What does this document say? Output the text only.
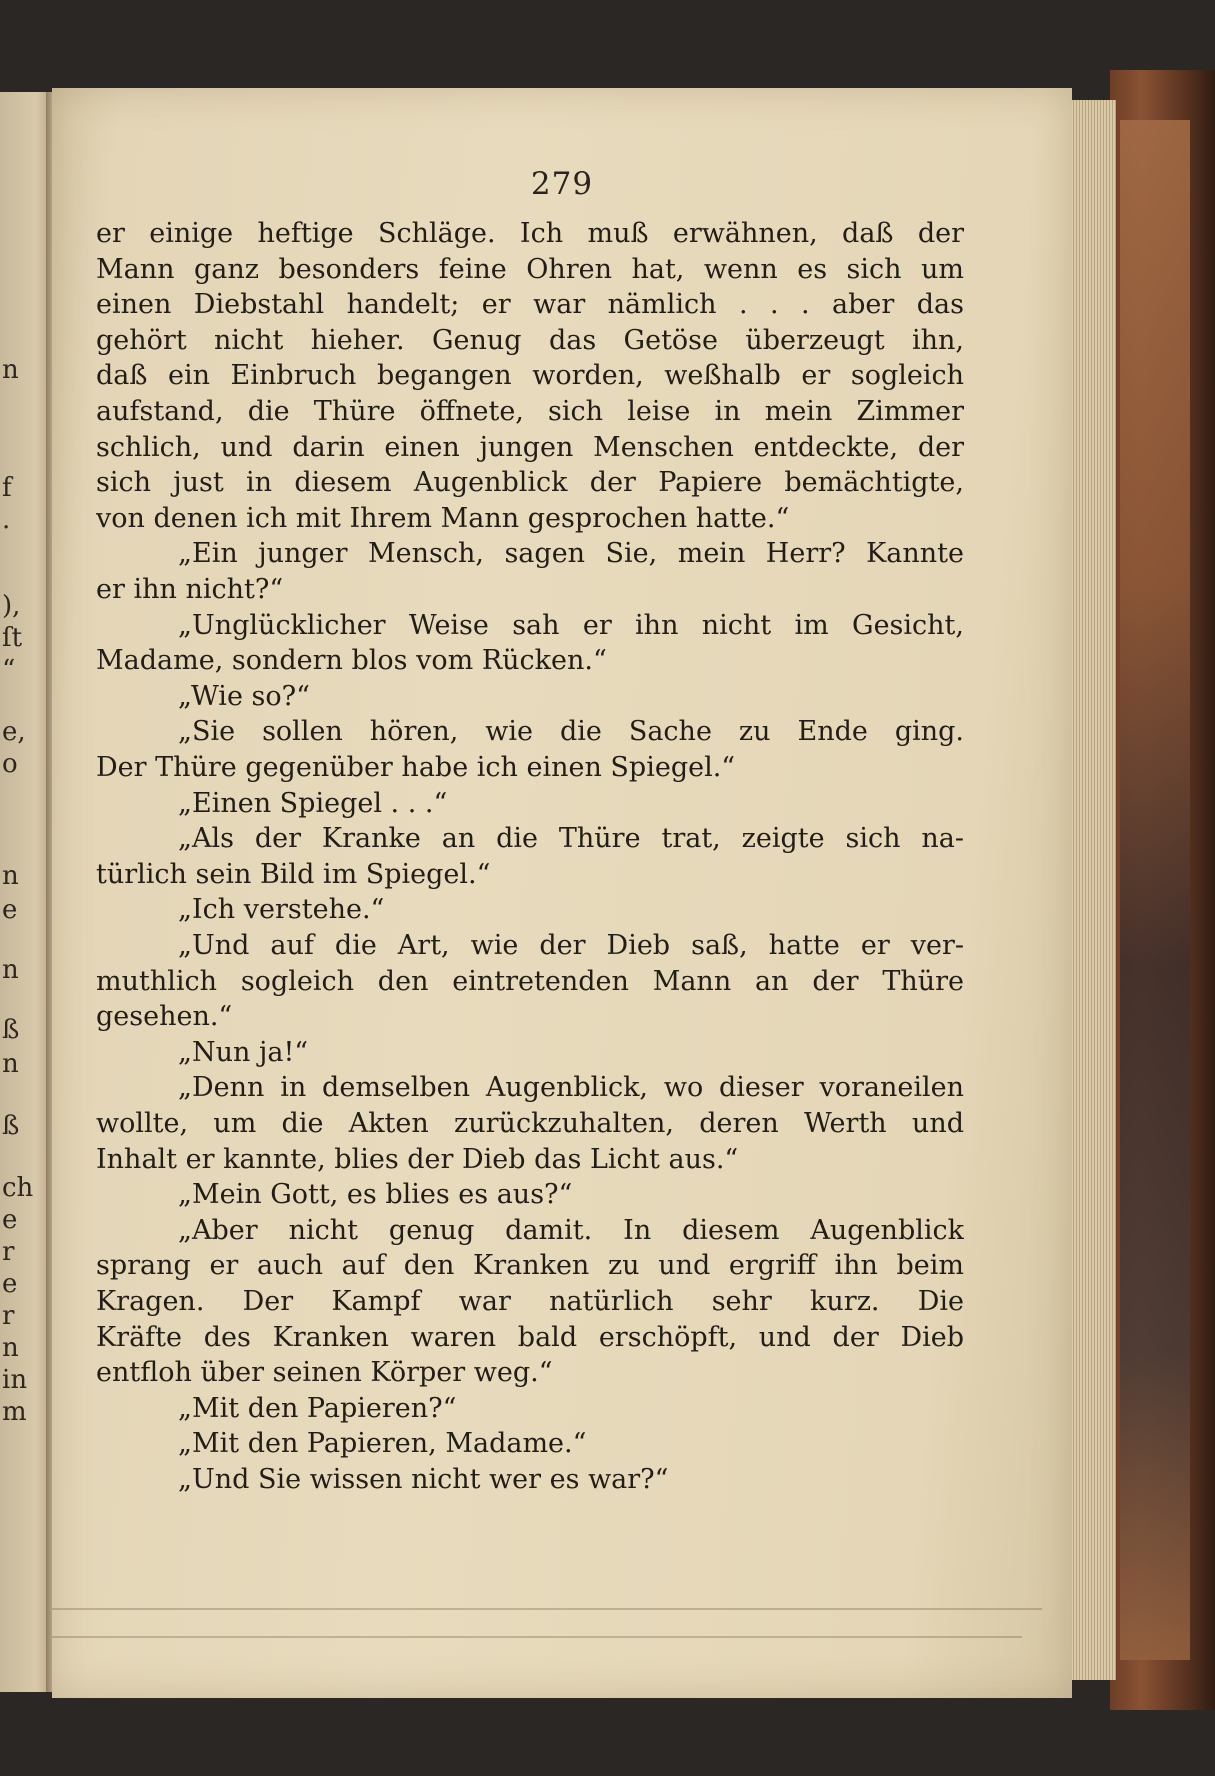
n
f
.
),
ſt
“
e,
o
n
e
n
ß
n
ß
ch
e
r
e
r
n
in
m
279
er einige heftige Schläge. Ich muß erwähnen, daß der
Mann ganz besonders feine Ohren hat, wenn es sich um
einen Diebstahl handelt; er war nämlich . . . aber das
gehört nicht hieher. Genug das Getöse überzeugt ihn,
daß ein Einbruch begangen worden, weßhalb er sogleich
aufstand, die Thüre öffnete, sich leise in mein Zimmer
schlich, und darin einen jungen Menschen entdeckte, der
sich just in diesem Augenblick der Papiere bemächtigte,
von denen ich mit Ihrem Mann gesprochen hatte.“
„Ein junger Mensch, sagen Sie, mein Herr? Kannte
er ihn nicht?“
„Unglücklicher Weise sah er ihn nicht im Gesicht,
Madame, sondern blos vom Rücken.“
„Wie so?“
„Sie sollen hören, wie die Sache zu Ende ging.
Der Thüre gegenüber habe ich einen Spiegel.“
„Einen Spiegel . . .“
„Als der Kranke an die Thüre trat, zeigte sich na-
türlich sein Bild im Spiegel.“
„Ich verstehe.“
„Und auf die Art, wie der Dieb saß, hatte er ver-
muthlich sogleich den eintretenden Mann an der Thüre
gesehen.“
„Nun ja!“
„Denn in demselben Augenblick, wo dieser voraneilen
wollte, um die Akten zurückzuhalten, deren Werth und
Inhalt er kannte, blies der Dieb das Licht aus.“
„Mein Gott, es blies es aus?“
„Aber nicht genug damit. In diesem Augenblick
sprang er auch auf den Kranken zu und ergriff ihn beim
Kragen. Der Kampf war natürlich sehr kurz. Die
Kräfte des Kranken waren bald erschöpft, und der Dieb
entfloh über seinen Körper weg.“
„Mit den Papieren?“
„Mit den Papieren, Madame.“
„Und Sie wissen nicht wer es war?“
